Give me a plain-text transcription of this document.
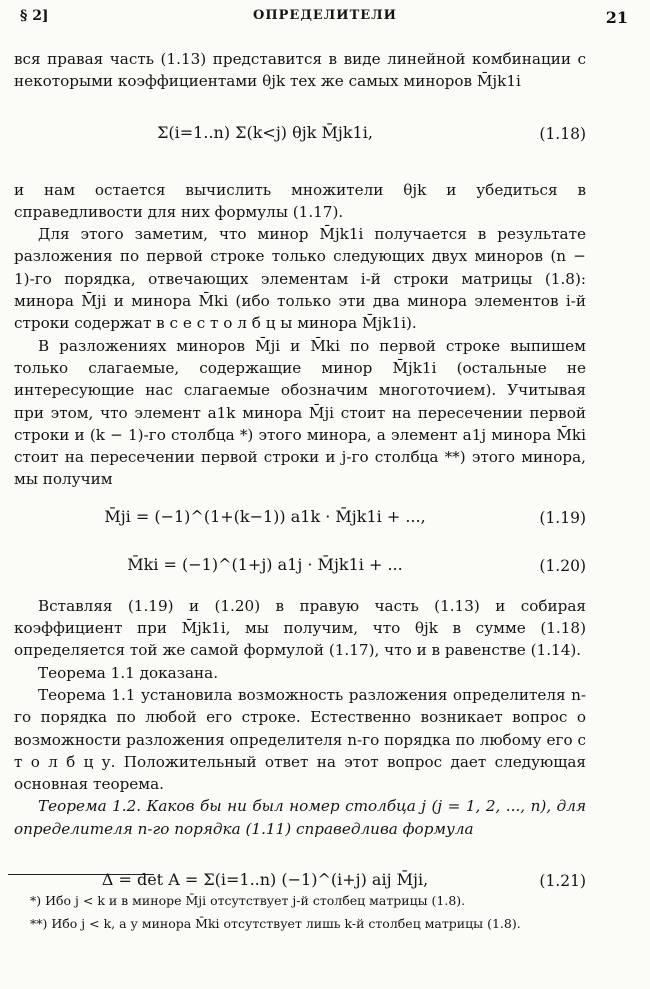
§ 2]	ОПРЕДЕЛИТЕЛИ	21

вся правая часть (1.13) представится в виде линейной комбинации с некоторыми коэффициентами θjk тех же самых миноров M̄jk1i

Σ(i=1..n) Σ(k<j) θjk M̄jk1i,	(1.18)

и нам остается вычислить множители θjk и убедиться в справедливости для них формулы (1.17).

Для этого заметим, что минор M̄jk1i получается в результате разложения по первой строке только следующих двух миноров (n − 1)-го порядка, отвечающих элементам i-й строки матрицы (1.8): минора M̄ji и минора M̄ki (ибо только эти два минора элементов i-й строки содержат в с е с т о л б ц ы минора M̄jk1i).

В разложениях миноров M̄ji и M̄ki по первой строке выпишем только слагаемые, содержащие минор M̄jk1i (остальные не интересующие нас слагаемые обозначим многоточием). Учитывая при этом, что элемент a1k минора M̄ji стоит на пересечении первой строки и (k − 1)-го столбца *) этого минора, а элемент a1j минора M̄ki стоит на пересечении первой строки и j-го столбца **) этого минора, мы получим

M̄ji = (−1)^(1+(k−1)) a1k · M̄jk1i + ...,	(1.19)
M̄ki = (−1)^(1+j) a1j · M̄jk1i + ...	(1.20)

Вставляя (1.19) и (1.20) в правую часть (1.13) и собирая коэффициент при M̄jk1i, мы получим, что θjk в сумме (1.18) определяется той же самой формулой (1.17), что и в равенстве (1.14).

Теорема 1.1 доказана.

Теорема 1.1 установила возможность разложения определителя n-го порядка по любой его строке. Естественно возникает вопрос о возможности разложения определителя n-го порядка по любому его с т о л б ц у. Положительный ответ на этот вопрос дает следующая основная теорема.

Теорема 1.2. Каков бы ни был номер столбца j (j = 1, 2, ..., n), для определителя n-го порядка (1.11) справедлива формула

Δ = det A = Σ(i=1..n) (−1)^(i+j) aij M̄ji,	(1.21)
*) Ибо j < k и в миноре M̄ji отсутствует j-й столбец матрицы (1.8).
**) Ибо j < k, а у минора M̄ki отсутствует лишь k-й столбец матрицы (1.8).
